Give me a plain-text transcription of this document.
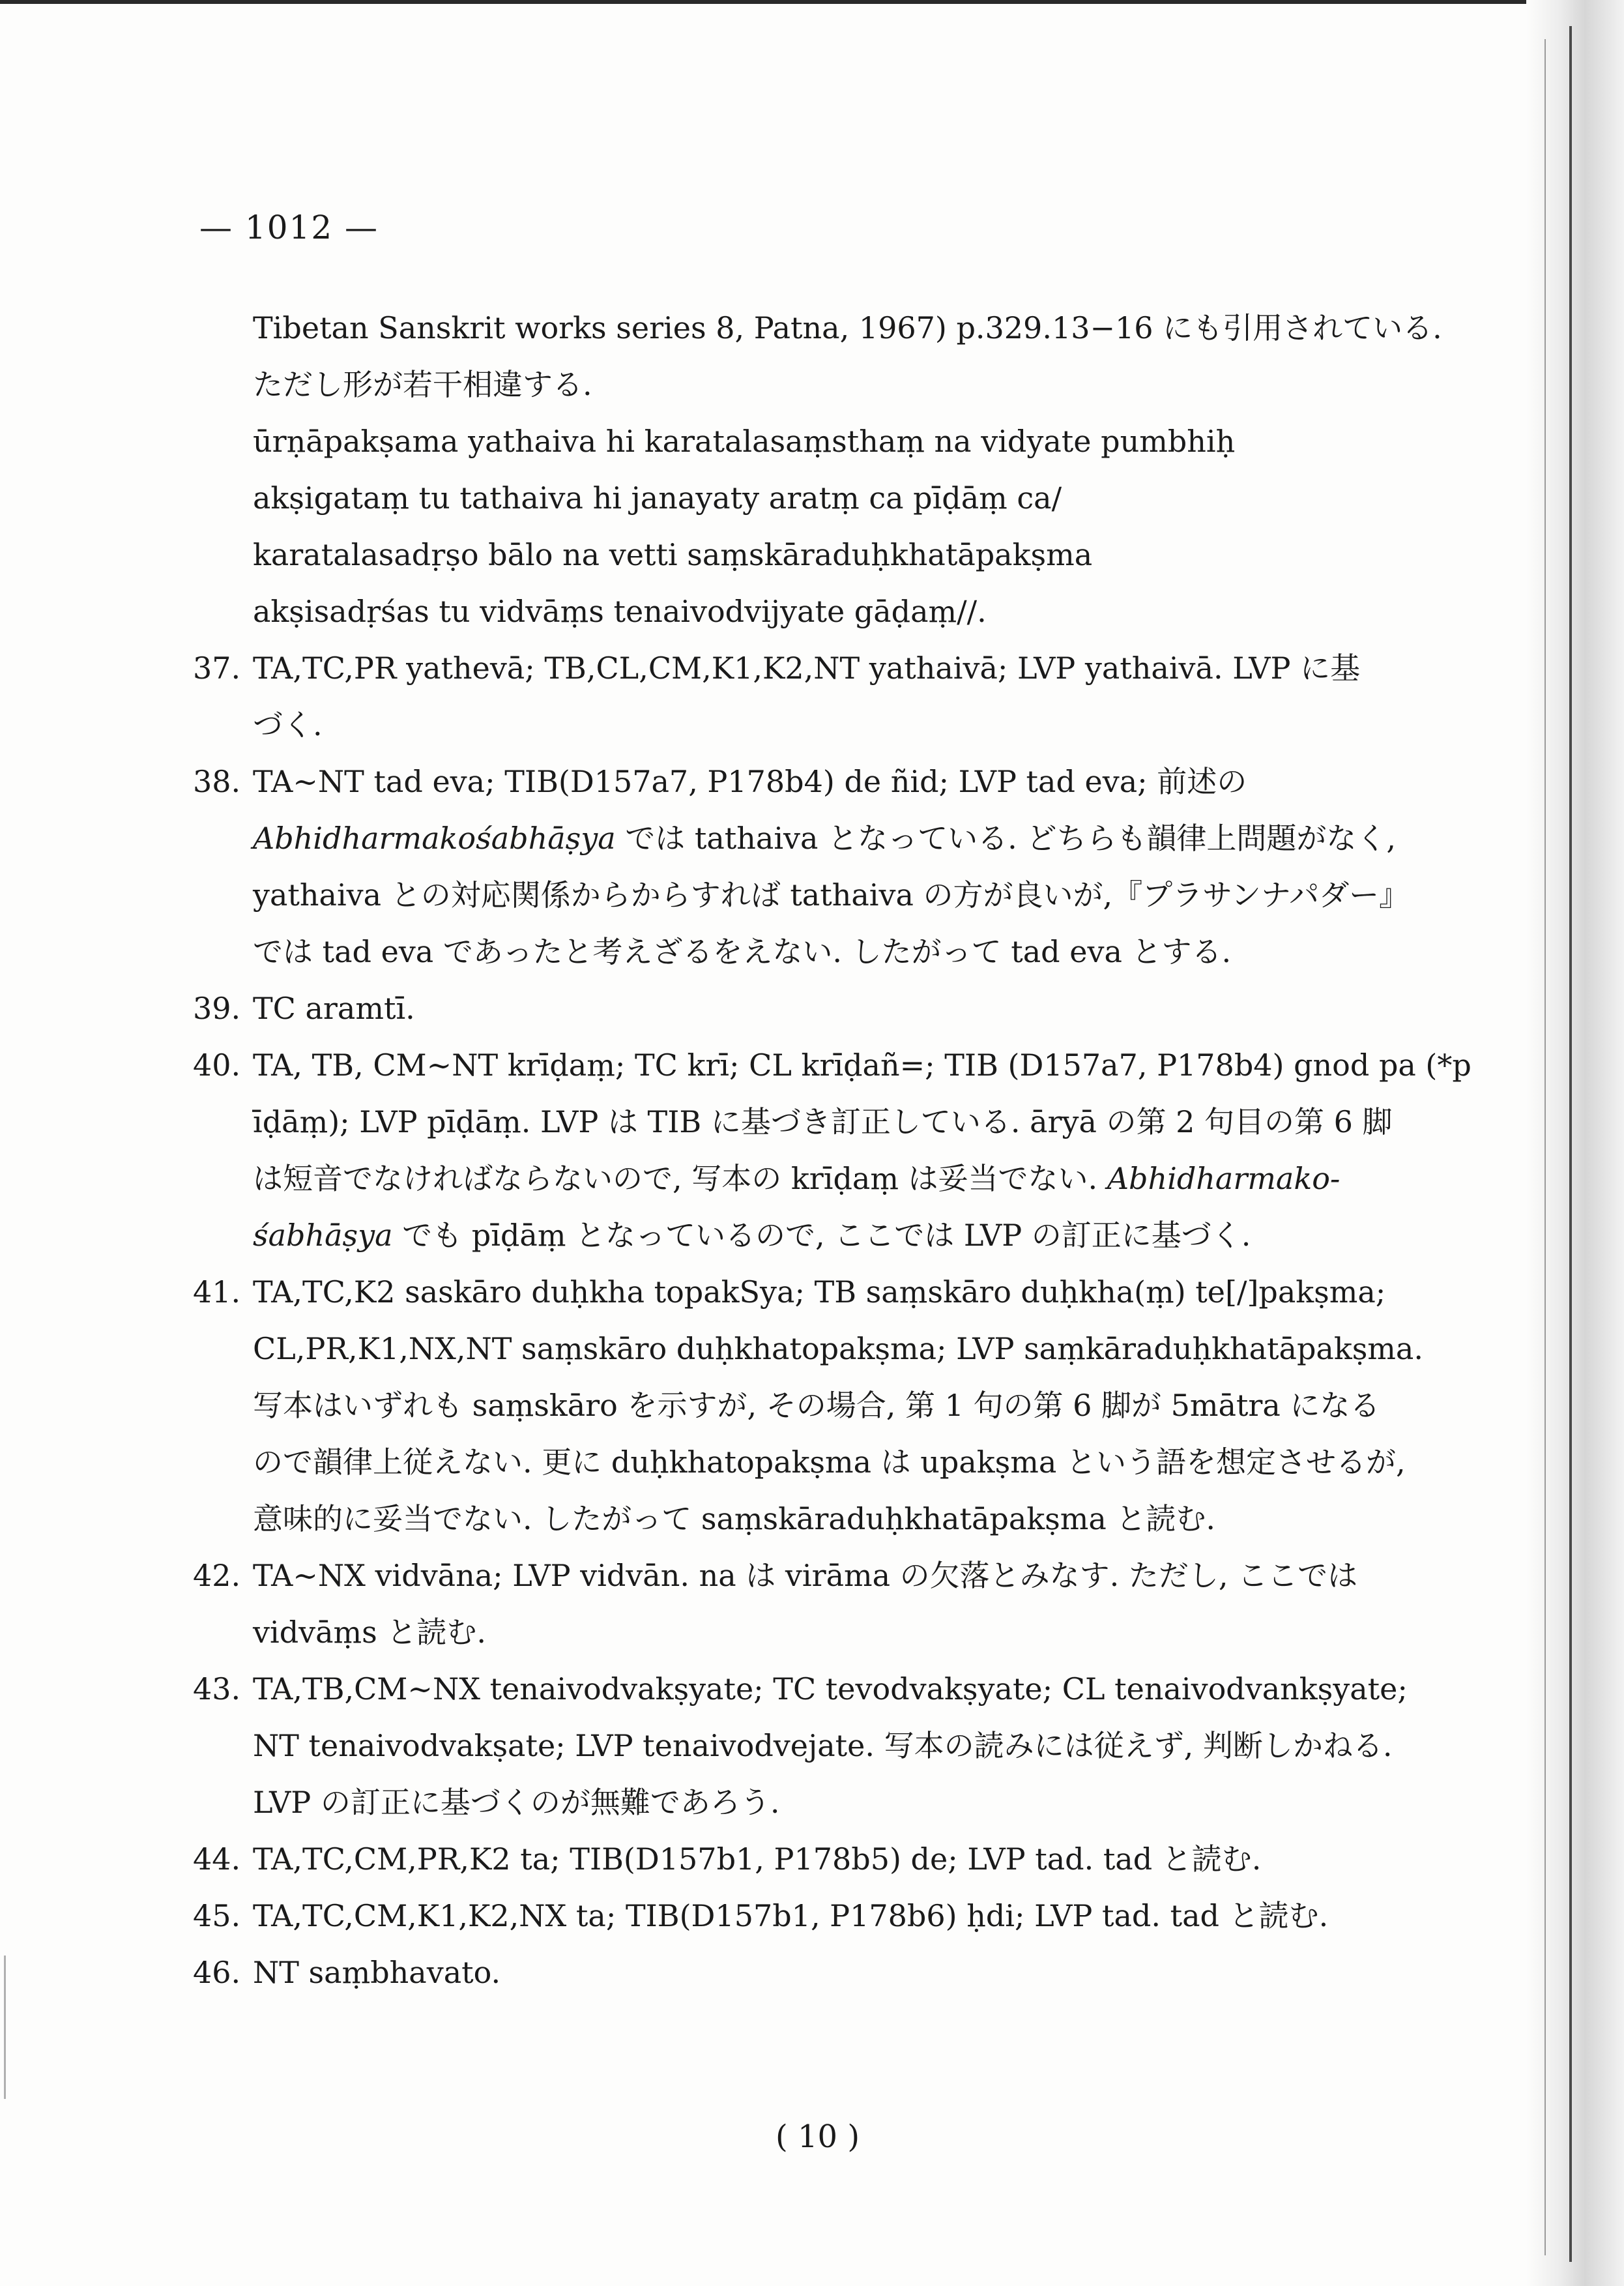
— 1012 —
Tibetan Sanskrit works series 8, Patna, 1967) p.329.13−16 にも引用されている.
ただし形が若干相違する.
ūrṇāpakṣama yathaiva hi karatalasaṃsthaṃ na vidyate pumbhiḥ
akṣigataṃ tu tathaiva hi janayaty aratṃ ca pīḍāṃ ca/
karatalasadṛṣo bālo na vetti saṃskāraduḥkhatāpakṣma
akṣisadṛśas tu vidvāṃs tenaivodvijyate gāḍaṃ//.
37. TA,TC,PR yathevā; TB,CL,CM,K1,K2,NT yathaivā; LVP yathaivā. LVP に基
づく.
38. TA∼NT tad eva; TIB(D157a7, P178b4) de ñid; LVP tad eva; 前述の
Abhidharmakośabhāṣya では tathaiva となっている. どちらも韻律上問題がなく,
yathaiva との対応関係からからすれば tathaiva の方が良いが,『プラサンナパダー』
では tad eva であったと考えざるをえない. したがって tad eva とする.
39. TC aramtī.
40. TA, TB, CM∼NT krīḍaṃ; TC krī; CL krīḍañ=; TIB (D157a7, P178b4) gnod pa (*p
īḍāṃ); LVP pīḍāṃ. LVP は TIB に基づき訂正している. āryā の第 2 句目の第 6 脚
は短音でなければならないので, 写本の krīḍaṃ は妥当でない. Abhidharmako-
śabhāṣya でも pīḍāṃ となっているので, ここでは LVP の訂正に基づく.
41. TA,TC,K2 saskāro duḥkha topakSya; TB saṃskāro duḥkha(ṃ) te[/]pakṣma;
CL,PR,K1,NX,NT saṃskāro duḥkhatopakṣma; LVP saṃkāraduḥkhatāpakṣma.
写本はいずれも saṃskāro を示すが, その場合, 第 1 句の第 6 脚が 5mātra になる
ので韻律上従えない. 更に duḥkhatopakṣma は upakṣma という語を想定させるが,
意味的に妥当でない. したがって saṃskāraduḥkhatāpakṣma と読む.
42. TA∼NX vidvāna; LVP vidvān. na は virāma の欠落とみなす. ただし, ここでは
vidvāṃs と読む.
43. TA,TB,CM∼NX tenaivodvakṣyate; TC tevodvakṣyate; CL tenaivodvankṣyate;
NT tenaivodvakṣate; LVP tenaivodvejate. 写本の読みには従えず, 判断しかねる.
LVP の訂正に基づくのが無難であろう.
44. TA,TC,CM,PR,K2 ta; TIB(D157b1, P178b5) de; LVP tad. tad と読む.
45. TA,TC,CM,K1,K2,NX ta; TIB(D157b1, P178b6) ḥdi; LVP tad. tad と読む.
46. NT saṃbhavato.
( 10 )
